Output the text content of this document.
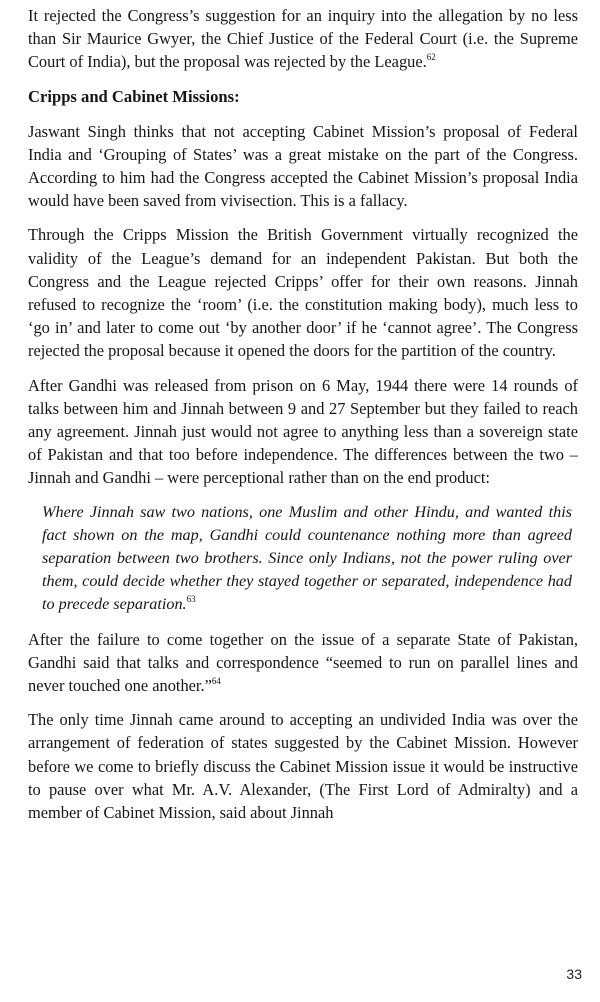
It rejected the Congress’s suggestion for an inquiry into the allegation by no less than Sir Maurice Gwyer, the Chief Justice of the Federal Court (i.e. the Supreme Court of India), but the proposal was rejected by the League.$^{62}$

Cripps and Cabinet Missions:

Jaswant Singh thinks that not accepting Cabinet Mission’s proposal of Federal India and ‘Grouping of States’ was a great mistake on the part of the Congress. According to him had the Congress accepted the Cabinet Mission’s proposal India would have been saved from vivisection. This is a fallacy.

Through the Cripps Mission the British Government virtually recognized the validity of the League’s demand for an independent Pakistan. But both the Congress and the League rejected Cripps’ offer for their own reasons. Jinnah refused to recognize the ‘room’ (i.e. the constitution making body), much less to ‘go in’ and later to come out ‘by another door’ if he ‘cannot agree’. The Congress rejected the proposal because it opened the doors for the partition of the country.

After Gandhi was released from prison on 6 May, 1944 there were 14 rounds of talks between him and Jinnah between 9 and 27 September but they failed to reach any agreement. Jinnah just would not agree to anything less than a sovereign state of Pakistan and that too before independence. The differences between the two – Jinnah and Gandhi – were perceptional rather than on the end product:

Where Jinnah saw two nations, one Muslim and other Hindu, and wanted this fact shown on the map, Gandhi could countenance nothing more than agreed separation between two brothers. Since only Indians, not the power ruling over them, could decide whether they stayed together or separated, independence had to precede separation.$^{63}$

After the failure to come together on the issue of a separate State of Pakistan, Gandhi said that talks and correspondence “seemed to run on parallel lines and never touched one another.”$^{64}$

The only time Jinnah came around to accepting an undivided India was over the arrangement of federation of states suggested by the Cabinet Mission. However before we come to briefly discuss the Cabinet Mission issue it would be instructive to pause over what Mr. A.V. Alexander, (The First Lord of Admiralty) and a member of Cabinet Mission, said about Jinnah

33
